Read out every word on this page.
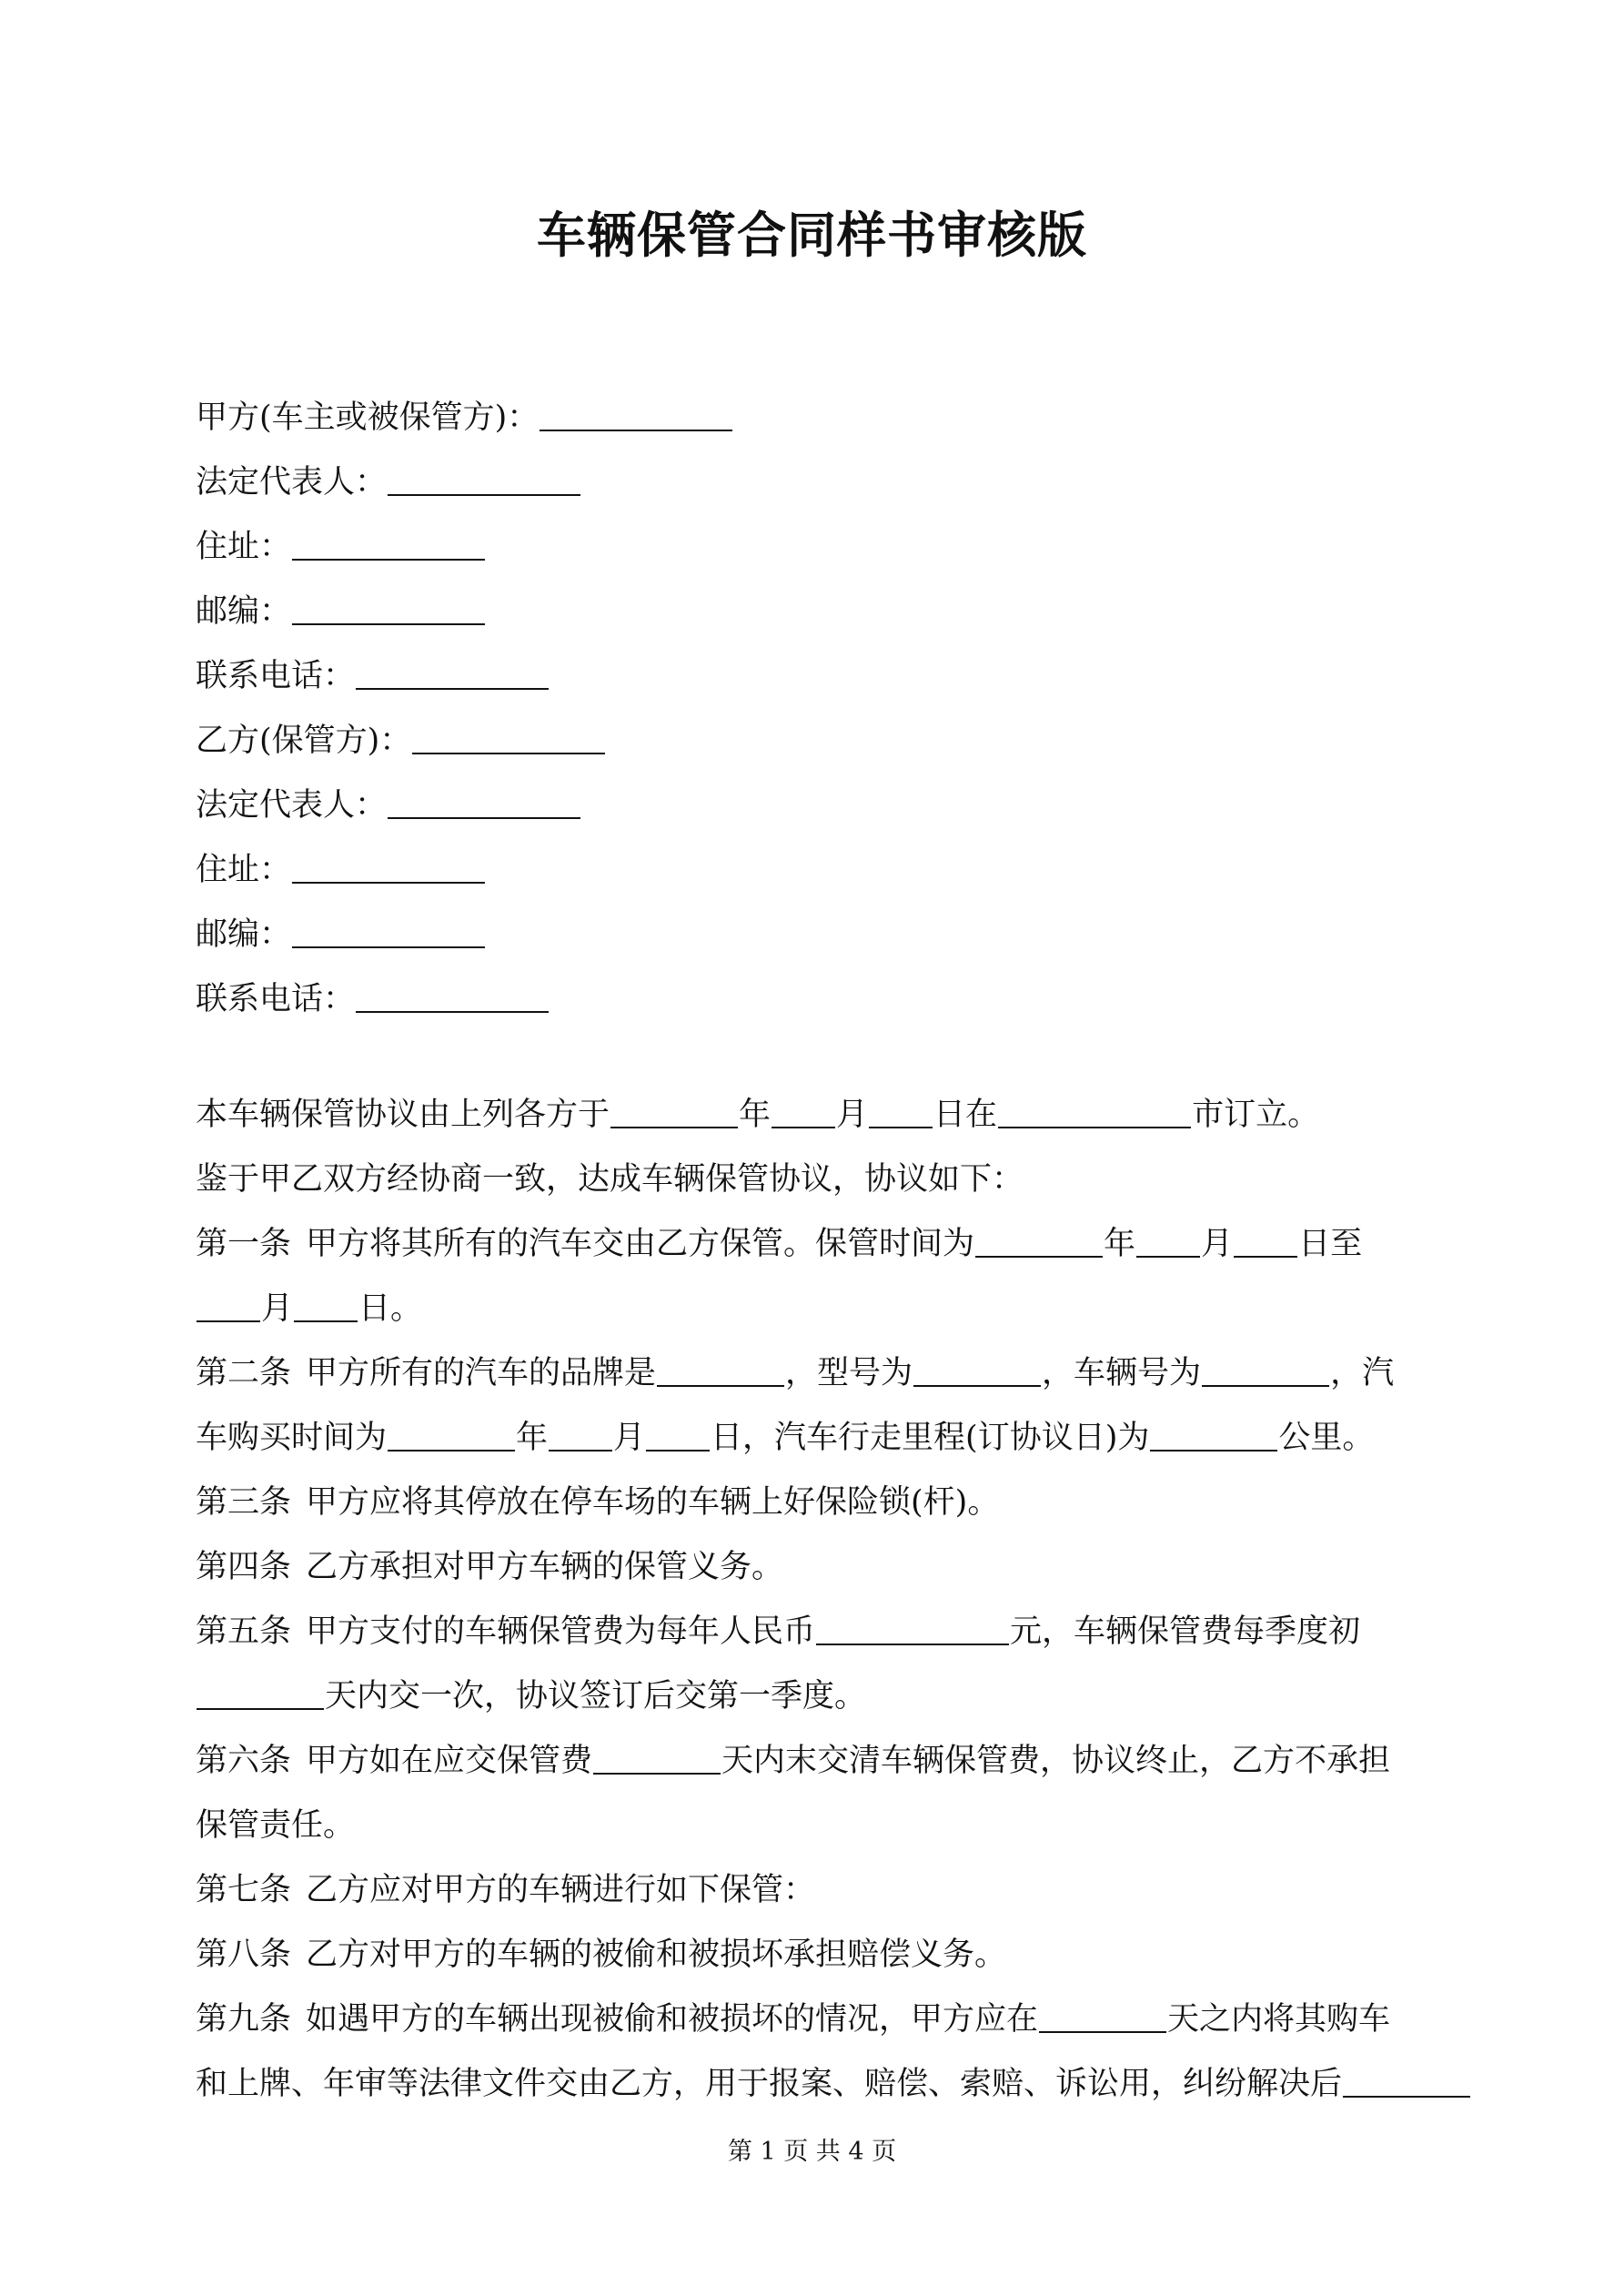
车辆保管合同样书审核版
甲方(车主或被保管方)：
法定代表人：
住址：
邮编：
联系电话：
乙方(保管方)：
法定代表人：
住址：
邮编：
联系电话：
本车辆保管协议由上列各方于	年 月 日在	市订立。
鉴于甲乙双方经协商一致，达成车辆保管协议，协议如下：
第一条 甲方将其所有的汽车交由乙方保管。保管时间为	年 月 日至
月 日。
第二条 甲方所有的汽车的品牌是	，型号为	，车辆号为	，汽
车购买时间为	年 月 日，汽车行走里程(订协议日)为	公里。
第三条 甲方应将其停放在停车场的车辆上好保险锁(杆)。
第四条 乙方承担对甲方车辆的保管义务。
第五条 甲方支付的车辆保管费为每年人民币	元，车辆保管费每季度初
天内交一次，协议签订后交第一季度。
第六条 甲方如在应交保管费	天内末交清车辆保管费，协议终止，乙方不承担
保管责任。
第七条 乙方应对甲方的车辆进行如下保管：
第八条 乙方对甲方的车辆的被偷和被损坏承担赔偿义务。
第九条 如遇甲方的车辆出现被偷和被损坏的情况，甲方应在	天之内将其购车
和上牌、年审等法律文件交由乙方，用于报案、赔偿、索赔、诉讼用，纠纷解决后
第 1 页 共 4 页
